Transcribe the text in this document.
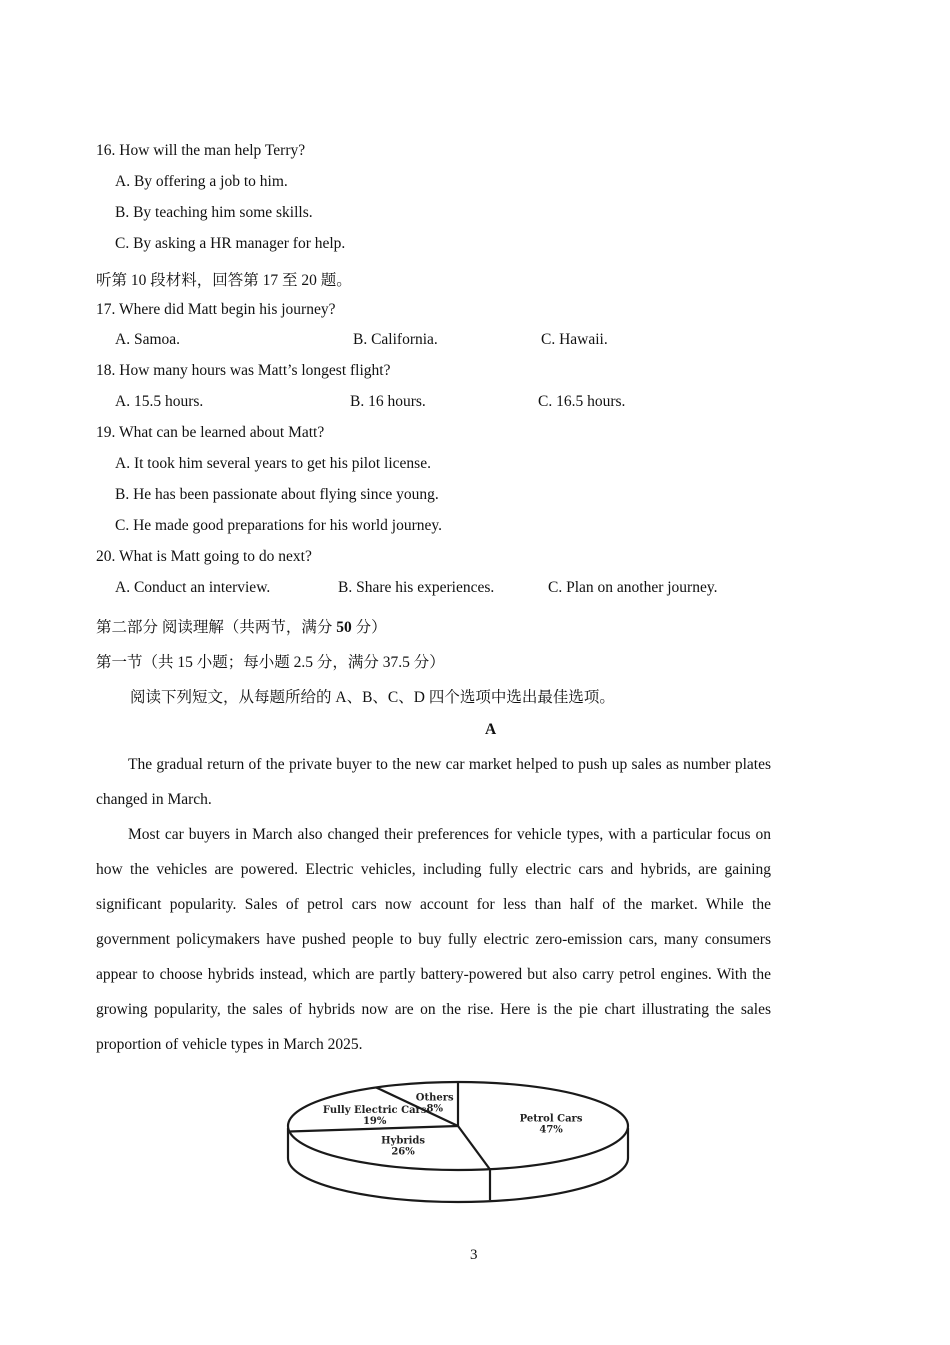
16. How will the man help Terry?
A. By offering a job to him.
B. By teaching him some skills.
C. By asking a HR manager for help.
听第 10 段材料，回答第 17 至 20 题。
17. Where did Matt begin his journey?
A. Samoa.	B. California.	C. Hawaii.
18. How many hours was Matt’s longest flight?
A. 15.5 hours.	B. 16 hours.	C. 16.5 hours.
19. What can be learned about Matt?
A. It took him several years to get his pilot license.
B. He has been passionate about flying since young.
C. He made good preparations for his world journey.
20. What is Matt going to do next?
A. Conduct an interview.	B. Share his experiences.	C. Plan on another journey.
第二部分 阅读理解（共两节，满分 50 分）
第一节（共 15 小题；每小题 2.5 分，满分 37.5 分）
阅读下列短文，从每题所给的 A、B、C、D 四个选项中选出最佳选项。
A
The gradual return of the private buyer to the new car market helped to push up sales as number plates changed in March.
Most car buyers in March also changed their preferences for vehicle types, with a particular focus on how the vehicles are powered. Electric vehicles, including fully electric cars and hybrids, are gaining significant popularity. Sales of petrol cars now account for less than half of the market. While the government policymakers have pushed people to buy fully electric zero-emission cars, many consumers appear to choose hybrids instead, which are partly battery-powered but also carry petrol engines. With the growing popularity, the sales of hybrids now are on the rise. Here is the pie chart illustrating the sales proportion of vehicle types in March 2025.
Petrol Cars
47%
Hybrids
26%
Fully Electric Cars
19%
Others
8%
3
